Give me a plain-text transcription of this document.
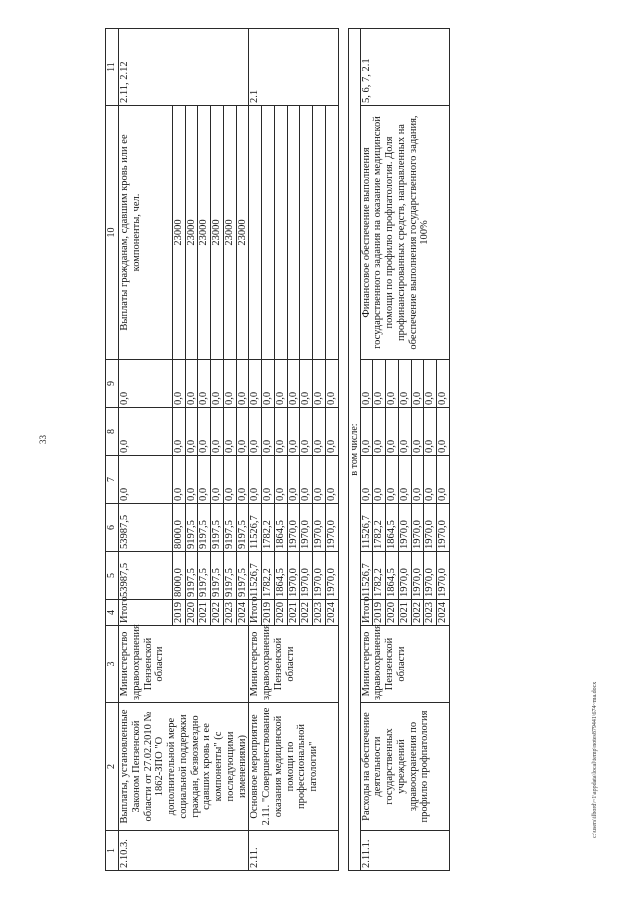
33
1	2	3	4	5	6	7	8	9	10	11
2.10.3.	Выплаты, установленные Законом Пензенской области от 27.02.2010 № 1862-ЗПО "О дополнительной мере социальной поддержки граждан, безвозмездно сдавших кровь и ее компоненты" (с последующими изменениями)	Министерство здравоохранения Пензенской области	Итого	53987,5	53987,5	0,0	0,0	0,0	Выплаты гражданам, сдавшим кровь или ее компоненты, чел.	2.11, 2.12
			2019	8000,0	8000,0	0,0	0,0	0,0	23000	
			2020	9197,5	9197,5	0,0	0,0	0,0	23000	
			2021	9197,5	9197,5	0,0	0,0	0,0	23000	
			2022	9197,5	9197,5	0,0	0,0	0,0	23000	
			2023	9197,5	9197,5	0,0	0,0	0,0	23000	
			2024	9197,5	9197,5	0,0	0,0	0,0	23000	
2.11.	Основное мероприятие 2.11. "Совершенствование оказания медицинской помощи по профессиональной патологии"	Министерство здравоохранения Пензенской области	Итого	11526,7	11526,7	0,0	0,0	0,0		2.1
			2019	1782,2	1782,2	0,0	0,0	0,0		
			2020	1864,5	1864,5	0,0	0,0	0,0		
			2021	1970,0	1970,0	0,0	0,0	0,0		
			2022	1970,0	1970,0	0,0	0,0	0,0		
			2023	1970,0	1970,0	0,0	0,0	0,0		
			2024	1970,0	1970,0	0,0	0,0	0,0		

в том числе:										
2.11.1.	Расходы на обеспечение деятельности государственных учреждений здравоохранения по профилю профпатология	Министерство здравоохранения Пензенской области	Итого	11526,7	11526,7	0,0	0,0	0,0	Финансовое обеспечение выполнения государственного задания на оказание медицинской помощи по профилю профпатология. Доля профинансированных средств, направленных на обеспечение выполнения государственного задания, 100%	5, 6, 7, 2.1
			2019	1782,2	1782,2	0,0	0,0	0,0		
			2020	1864,5	1864,5	0,0	0,0	0,0		
			2021	1970,0	1970,0	0,0	0,0	0,0		
			2022	1970,0	1970,0	0,0	0,0	0,0		
			2023	1970,0	1970,0	0,0	0,0	0,0		
			2024	1970,0	1970,0	0,0	0,0	0,0		
c:\users\ilbord\~1\appdata\local\temp\notes879441\674~ma.docx
